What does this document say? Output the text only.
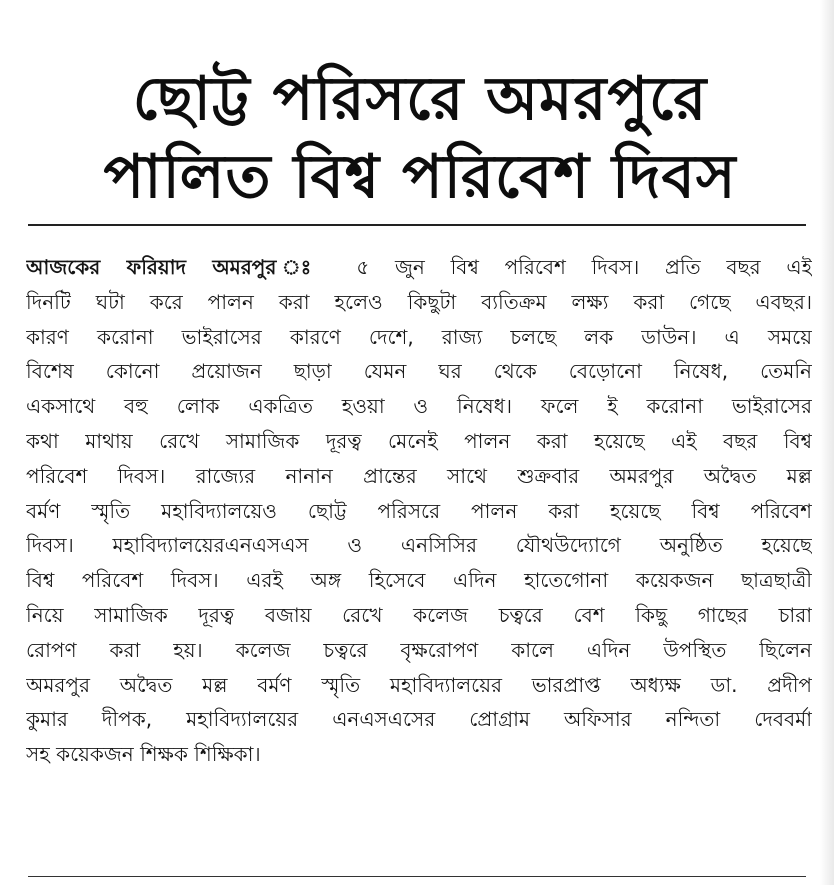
ছোট্ট পরিসরে অমরপুরে
পালিত বিশ্ব পরিবেশ দিবস
আজকের ফরিয়াদ অমরপুর ঃ ৫ জুন বিশ্ব পরিবেশ দিবস। প্রতি বছর এই
দিনটি ঘটা করে পালন করা হলেও কিছুটা ব্যতিক্রম লক্ষ্য করা গেছে এবছর।
কারণ করোনা ভাইরাসের কারণে দেশে, রাজ্য চলছে লক ডাউন। এ সময়ে
বিশেষ কোনো প্রয়োজন ছাড়া যেমন ঘর থেকে বেড়োনো নিষেধ, তেমনি
একসাথে বহু লোক একত্রিত হওয়া ও নিষেধ। ফলে ই করোনা ভাইরাসের
কথা মাথায় রেখে সামাজিক দূরত্ব মেনেই পালন করা হয়েছে এই বছর বিশ্ব
পরিবেশ দিবস। রাজ্যের নানান প্রান্তের সাথে শুক্রবার অমরপুর অদ্বৈত মল্ল
বর্মণ স্মৃতি মহাবিদ্যালয়েও ছোট্ট পরিসরে পালন করা হয়েছে বিশ্ব পরিবেশ
দিবস। মহাবিদ্যালয়েরএনএসএস ও এনসিসির যৌথউদ্যোগে অনুষ্ঠিত হয়েছে
বিশ্ব পরিবেশ দিবস। এরই অঙ্গ হিসেবে এদিন হাতেগোনা কয়েকজন ছাত্রছাত্রী
নিয়ে সামাজিক দূরত্ব বজায় রেখে কলেজ চত্বরে বেশ কিছু গাছের চারা
রোপণ করা হয়। কলেজ চত্বরে বৃক্ষরোপণ কালে এদিন উপস্থিত ছিলেন
অমরপুর অদ্বৈত মল্ল বর্মণ স্মৃতি মহাবিদ্যালয়ের ভারপ্রাপ্ত অধ্যক্ষ ডা. প্রদীপ
কুমার দীপক, মহাবিদ্যালয়ের এনএসএসের প্রোগ্রাম অফিসার নন্দিতা দেববর্মা
সহ কয়েকজন শিক্ষক শিক্ষিকা।
